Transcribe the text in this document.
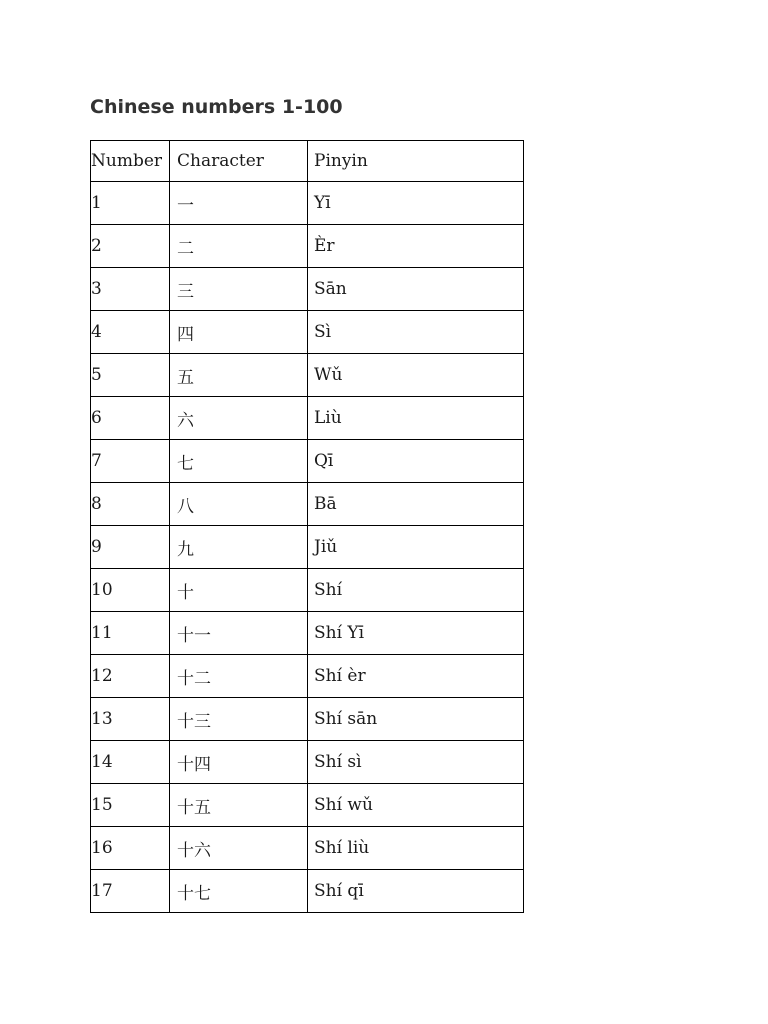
Chinese numbers 1-100
Number	Character	Pinyin
1	一	Yī
2	二	Èr
3	三	Sān
4	四	Sì
5	五	Wǔ
6	六	Liù
7	七	Qī
8	八	Bā
9	九	Jiǔ
10	十	Shí
11	十一	Shí Yī
12	十二	Shí èr
13	十三	Shí sān
14	十四	Shí sì
15	十五	Shí wǔ
16	十六	Shí liù
17	十七	Shí qī
